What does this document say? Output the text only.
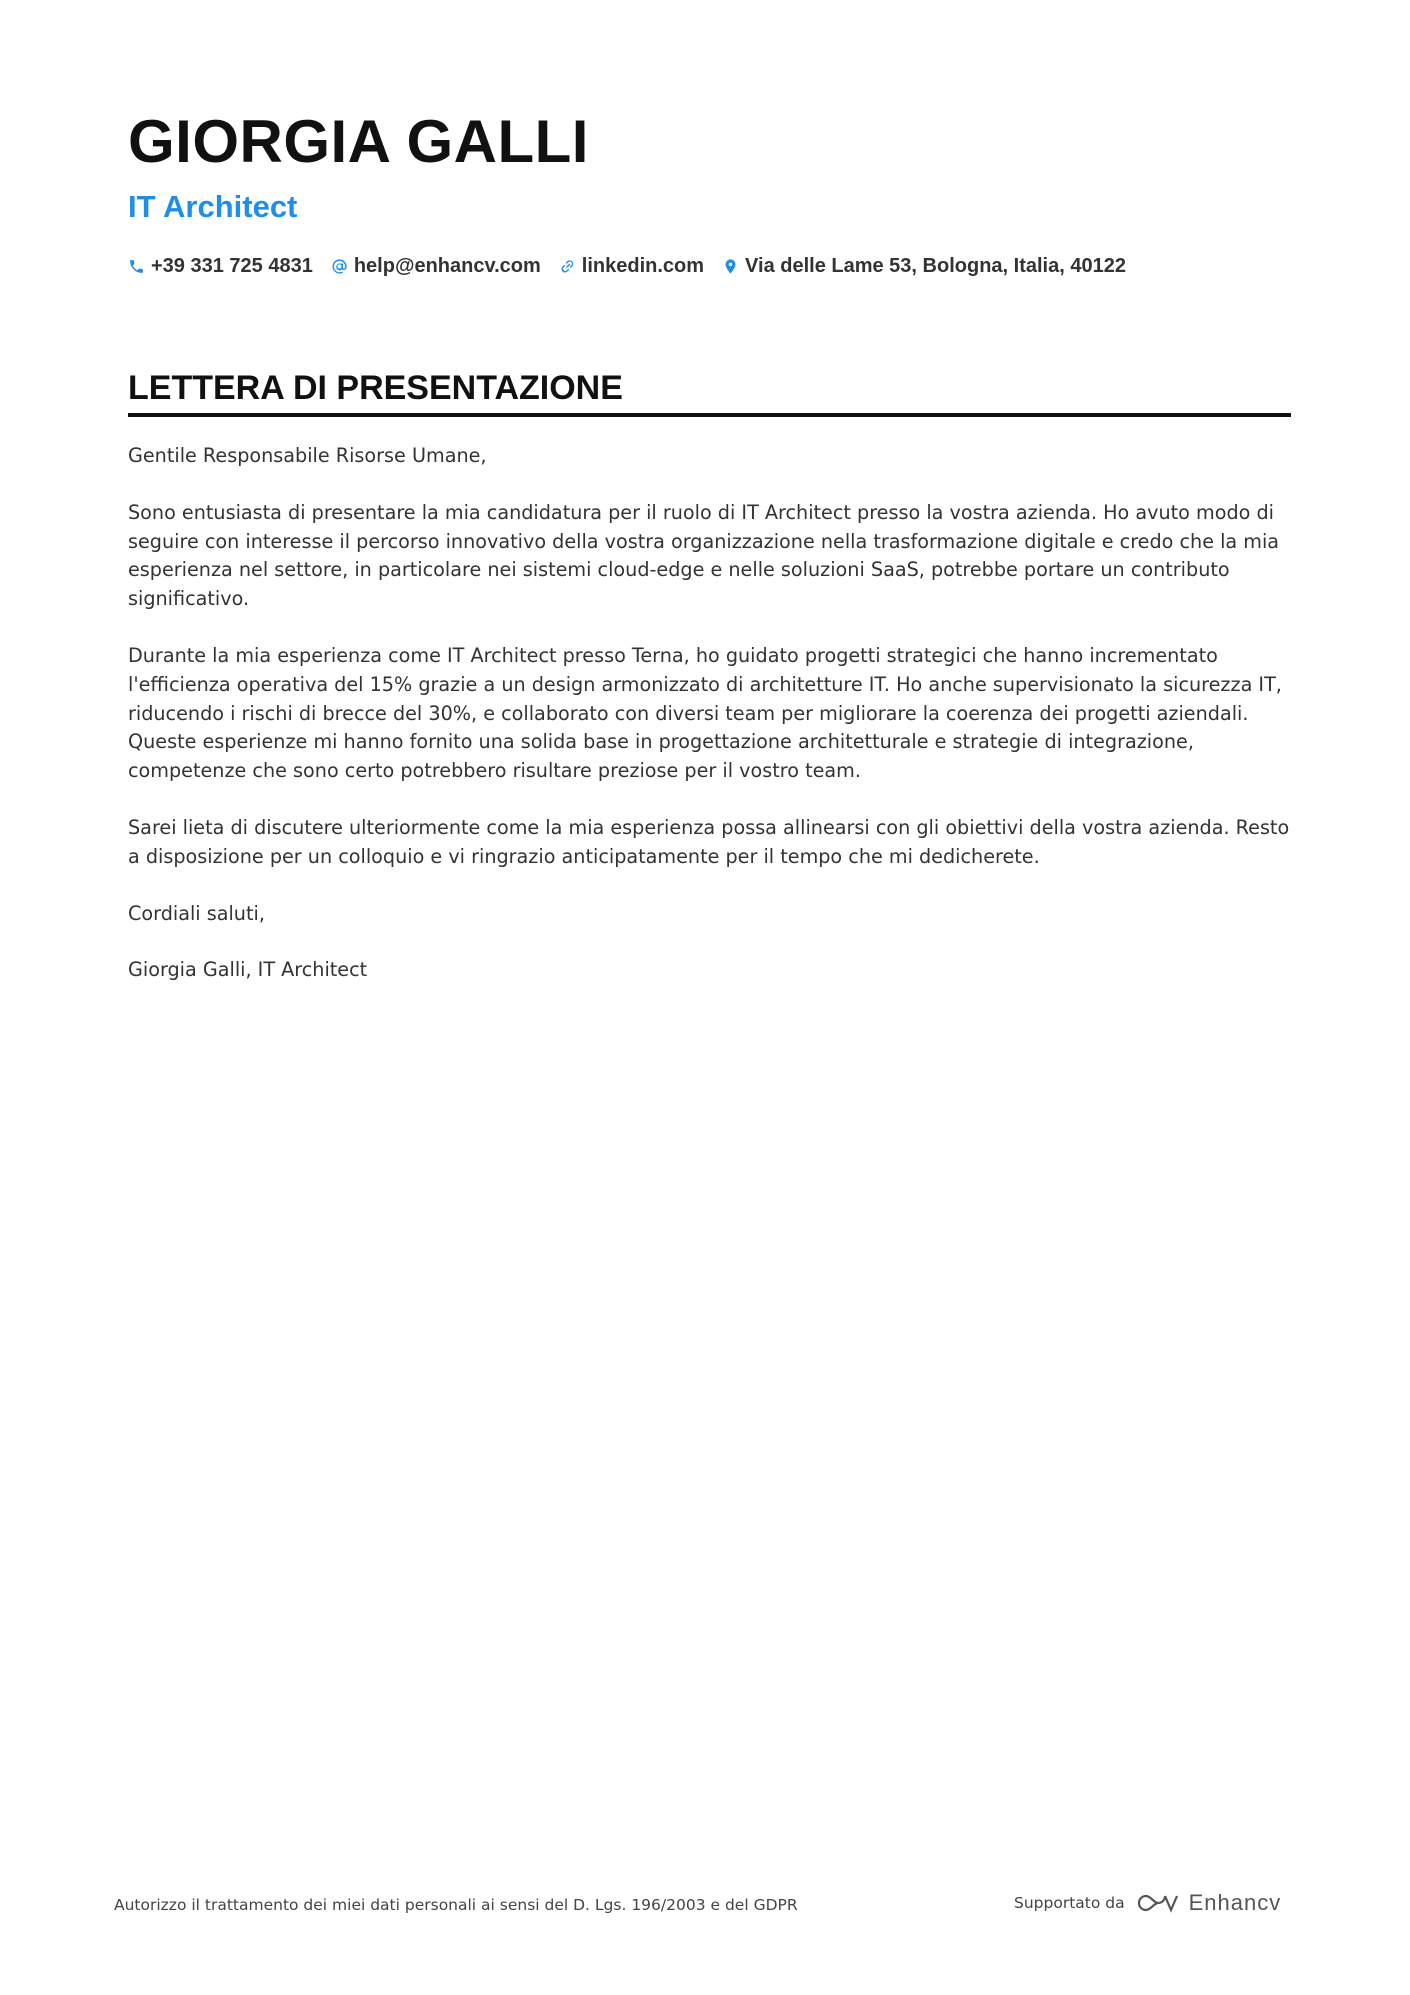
GIORGIA GALLI
IT Architect
+39 331 725 4831 help@enhancv.com linkedin.com Via delle Lame 53, Bologna, Italia, 40122
LETTERA DI PRESENTAZIONE

Gentile Responsabile Risorse Umane,

Sono entusiasta di presentare la mia candidatura per il ruolo di IT Architect presso la vostra azienda. Ho avuto modo di seguire con interesse il percorso innovativo della vostra organizzazione nella trasformazione digitale e credo che la mia esperienza nel settore, in particolare nei sistemi cloud-edge e nelle soluzioni SaaS, potrebbe portare un contributo significativo.

Durante la mia esperienza come IT Architect presso Terna, ho guidato progetti strategici che hanno incrementato l'efficienza operativa del 15% grazie a un design armonizzato di architetture IT. Ho anche supervisionato la sicurezza IT, riducendo i rischi di brecce del 30%, e collaborato con diversi team per migliorare la coerenza dei progetti aziendali. Queste esperienze mi hanno fornito una solida base in progettazione architetturale e strategie di integrazione, competenze che sono certo potrebbero risultare preziose per il vostro team.

Sarei lieta di discutere ulteriormente come la mia esperienza possa allinearsi con gli obiettivi della vostra azienda. Resto a disposizione per un colloquio e vi ringrazio anticipatamente per il tempo che mi dedicherete.

Cordiali saluti,

Giorgia Galli, IT Architect

Autorizzo il trattamento dei miei dati personali ai sensi del D. Lgs. 196/2003 e del GDPR	Supportato da	Enhancv
